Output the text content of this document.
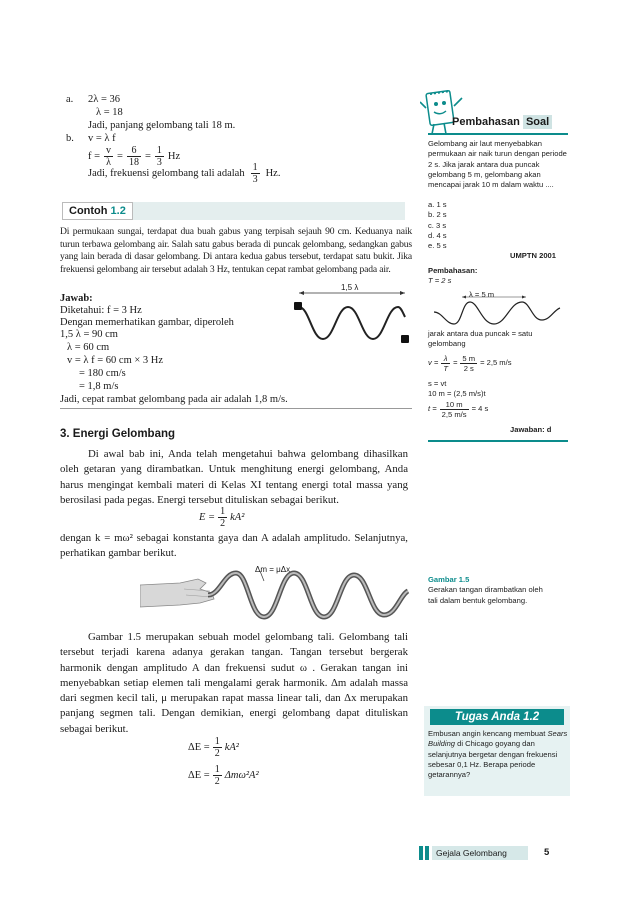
a. 2λ = 36
λ = 18
Jadi, panjang gelombang tali 18 m.
b. v = λ f
$f = \frac{v}{\lambda} = \frac{6}{18} = \frac{1}{3}$ Hz
Jadi, frekuensi gelombang tali adalah $\frac{1}{3} Hz$.
Contoh 1.2
Di permukaan sungai, terdapat dua buah gabus yang terpisah sejauh 90 cm. Keduanya naik turun terbawa gelombang air. Salah satu gabus berada di puncak gelombang, sedangkan gabus yang lain berada di dasar gelombang. Di antara kedua gabus tersebut, terdapat satu bukit. Jika frekuensi gelombang air tersebut adalah 3 Hz, tentukan cepat rambat gelombang pada air.
1,5 λ
Jawab:
Diketahui: f = 3 Hz
Dengan memerhatikan gambar, diperoleh
1,5 λ = 90 cm
λ = 60 cm
v = λ f = 60 cm × 3 Hz
= 180 cm/s
= 1,8 m/s
Jadi, cepat rambat gelombang pada air adalah 1,8 m/s.
3. Energi Gelombang
Di awal bab ini, Anda telah mengetahui bahwa gelombang dihasilkan oleh getaran yang dirambatkan. Untuk menghitung energi gelombang, Anda harus mengingat kembali materi di Kelas XI tentang energi total massa yang berosilasi pada pegas. Energi tersebut dituliskan sebagai berikut.
$E = \frac{1}{2} kA^2$
dengan k = mω² sebagai konstanta gaya dan A adalah amplitudo. Selanjutnya, perhatikan gambar berikut.
Δm = μΔx
Gambar 1.5 merupakan sebuah model gelombang tali. Gelombang tali tersebut terjadi karena adanya gerakan tangan. Tangan tersebut bergerak harmonik dengan amplitudo A dan frekuensi sudut ω . Gerakan tangan ini menyebabkan setiap elemen tali mengalami gerak harmonik. Δm adalah massa dari segmen kecil tali, μ merupakan rapat massa linear tali, dan Δx merupakan panjang segmen tali. Dengan demikian, energi gelombang dapat dituliskan sebagai berikut.
$\Delta E = \frac{1}{2} kA^2$
$\Delta E = \frac{1}{2} \Delta m\omega^2A^2$
Pembahasan Soal
Gelombang air laut menyebabkan permukaan air naik turun dengan periode 2 s. Jika jarak antara dua puncak gelombang 5 m, gelombang akan mencapai jarak 10 m dalam waktu ....
a. 1 s
b. 2 s
c. 3 s
d. 4 s
e. 5 s
UMPTN 2001
Pembahasan:
T = 2 s
λ = 5 m
jarak antara dua puncak = satu gelombang
$v = \frac{\lambda}{T} = \frac{5 m}{2 s} = 2,5$ m/s
s = vt
10 m = (2,5 m/s)t
$t = \frac{10 m}{2,5 m/s} = 4$ s
Jawaban: d
Gambar 1.5
Gerakan tangan dirambatkan oleh tali dalam bentuk gelombang.
Tugas Anda 1.2
Embusan angin kencang membuat Sears Building di Chicago goyang dan selanjutnya bergetar dengan frekuensi sebesar 0,1 Hz. Berapa periode getarannya?
Gejala Gelombang	5
